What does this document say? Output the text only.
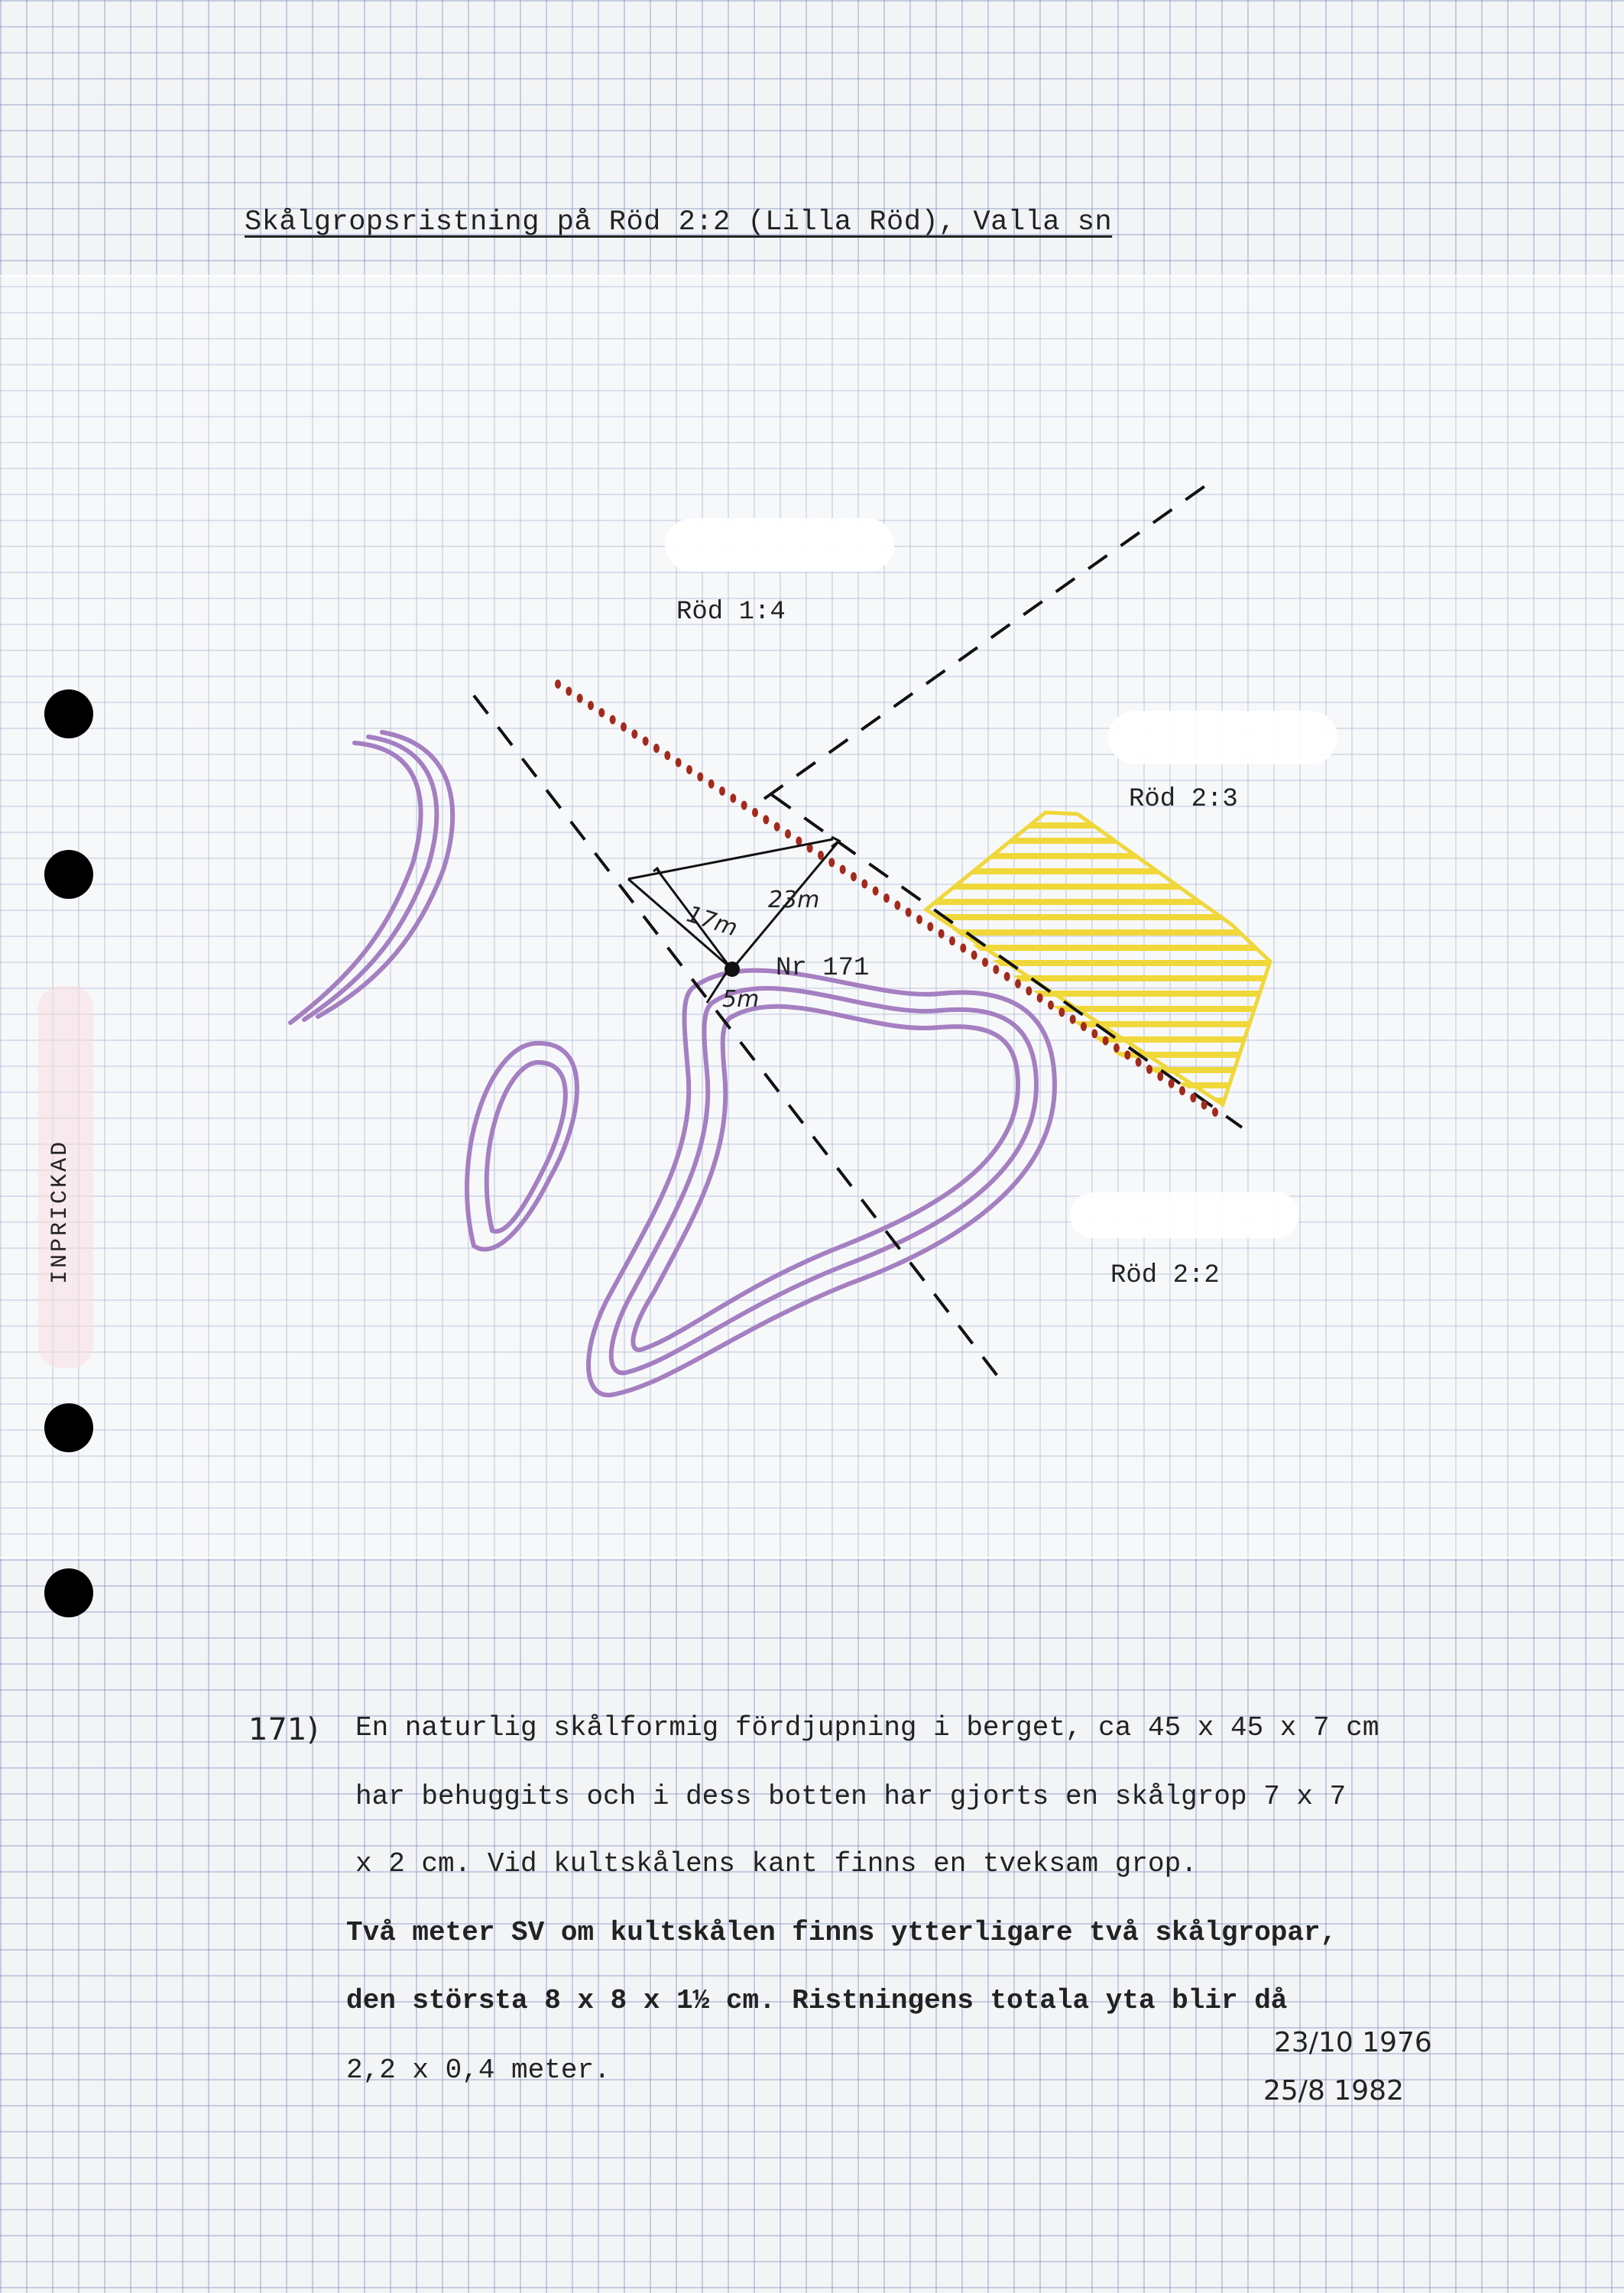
Skålgropsristning på Röd 2:2 (Lilla Röd), Valla sn
INPRICKAD
Röd 1:4
Röd 2:3
Röd 2:2
Nr 171
17m
23m
5m
171) En naturlig skålformig fördjupning i berget, ca 45 x 45 x 7 cm
har behuggits och i dess botten har gjorts en skålgrop 7 x 7
x 2 cm. Vid kultskålens kant finns en tveksam grop.
Två meter SV om kultskålen finns ytterligare två skålgropar,
den största 8 x 8 x 1½ cm. Ristningens totala yta blir då
2,2 x 0,4 meter.
23/10 1976
25/8 1982
